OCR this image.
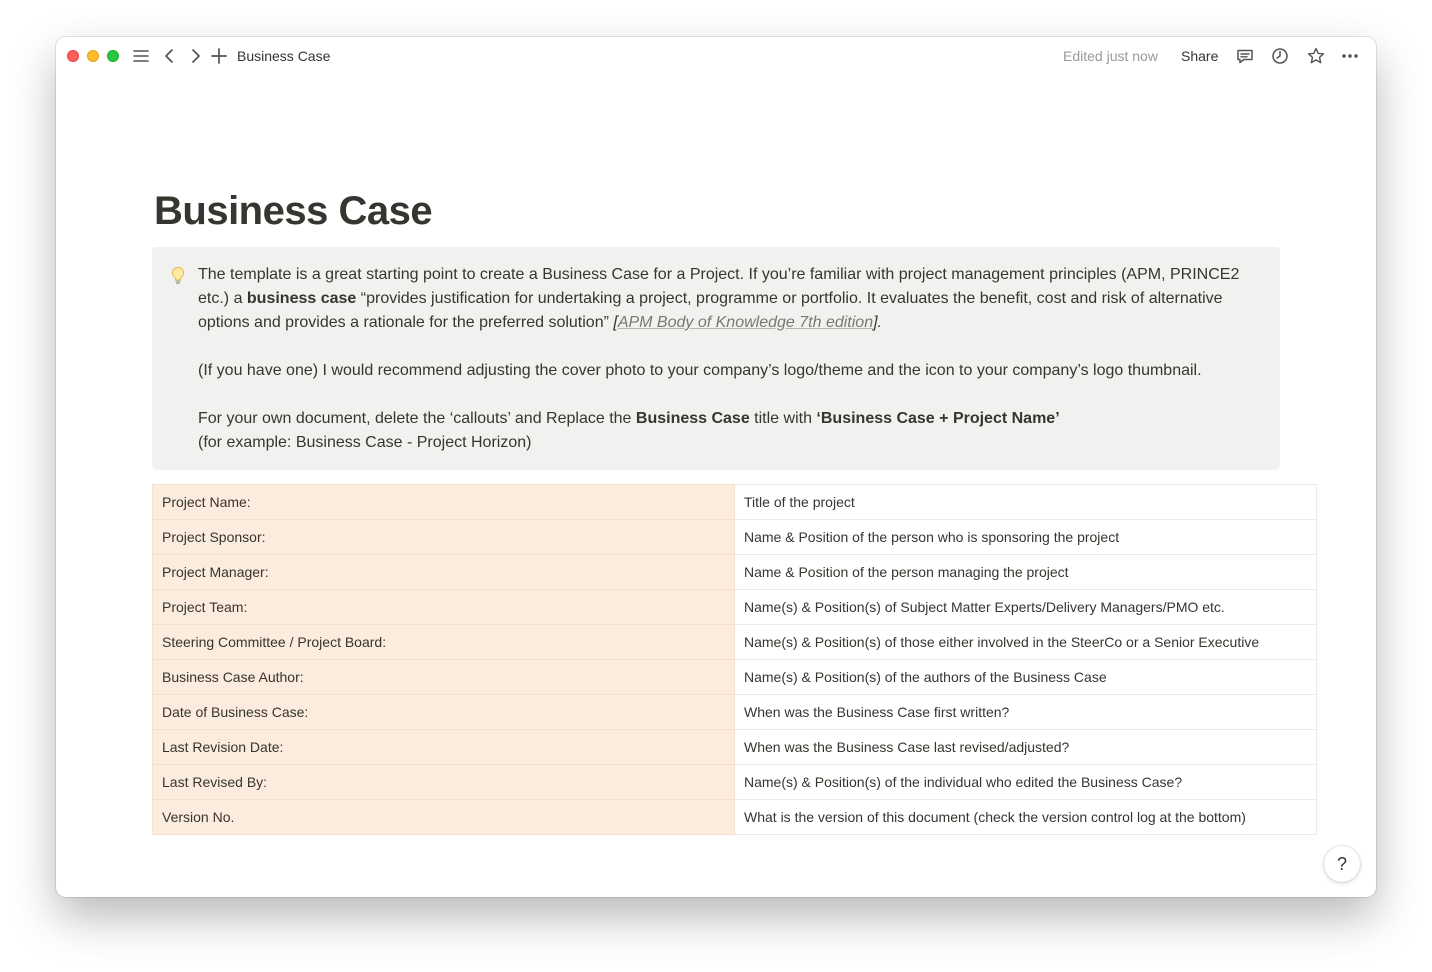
Business Case	Edited just now Share
Business Case

The template is a great starting point to create a Business Case for a Project. If you’re familiar with project management principles (APM, PRINCE2 etc.) a business case “provides justification for undertaking a project, programme or portfolio. It evaluates the benefit, cost and risk of alternative options and provides a rationale for the preferred solution” [APM Body of Knowledge 7th edition].

(If you have one) I would recommend adjusting the cover photo to your company’s logo/theme and the icon to your company’s logo thumbnail.

For your own document, delete the ‘callouts’ and Replace the Business Case title with ‘Business Case + Project Name’

(for example: Business Case - Project Horizon)

Project Name:	Title of the project
Project Sponsor:	Name & Position of the person who is sponsoring the project
Project Manager:	Name & Position of the person managing the project
Project Team:	Name(s) & Position(s) of Subject Matter Experts/Delivery Managers/PMO etc.
Steering Committee / Project Board:	Name(s) & Position(s) of those either involved in the SteerCo or a Senior Executive
Business Case Author:	Name(s) & Position(s) of the authors of the Business Case
Date of Business Case:	When was the Business Case first written?
Last Revision Date:	When was the Business Case last revised/adjusted?
Last Revised By:	Name(s) & Position(s) of the individual who edited the Business Case?
Version No.	What is the version of this document (check the version control log at the bottom)
?
